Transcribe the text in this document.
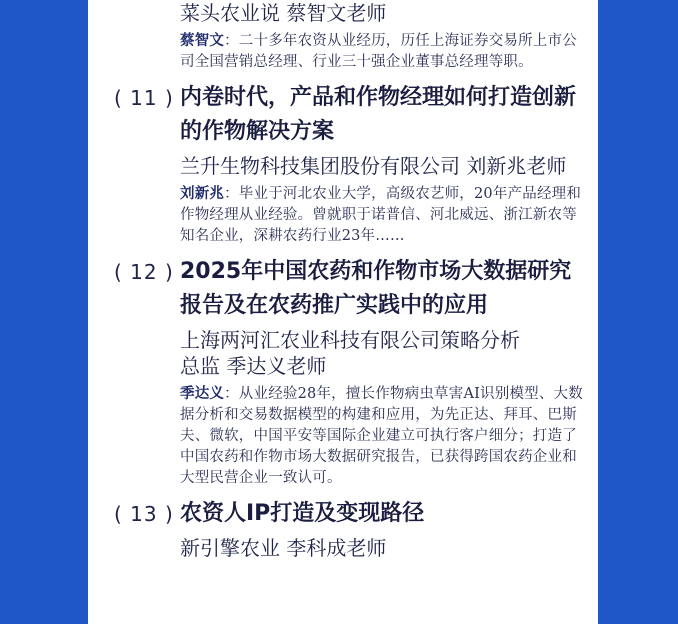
菜头农业说 蔡智文老师

蔡智文：二十多年农资从业经历，历任上海证券交易所上市公司全国营销总经理、行业三十强企业董事总经理等职。

( 11 ) 内卷时代，产品和作物经理如何打造创新的作物解决方案

兰升生物科技集团股份有限公司 刘新兆老师

刘新兆：毕业于河北农业大学，高级农艺师，20年产品经理和作物经理从业经验。曾就职于诺普信、河北威远、浙江新农等知名企业，深耕农药行业23年……

( 12 ) 2025年中国农药和作物市场大数据研究报告及在农药推广实践中的应用

上海两河汇农业科技有限公司策略分析

总监 季达义老师

季达义：从业经验28年，擅长作物病虫草害AI识别模型、大数据分析和交易数据模型的构建和应用，为先正达、拜耳、巴斯夫、微软，中国平安等国际企业建立可执行客户细分；打造了中国农药和作物市场大数据研究报告，已获得跨国农药企业和大型民营企业一致认可。

( 13 ) 农资人IP打造及变现路径

新引擎农业 李科成老师
